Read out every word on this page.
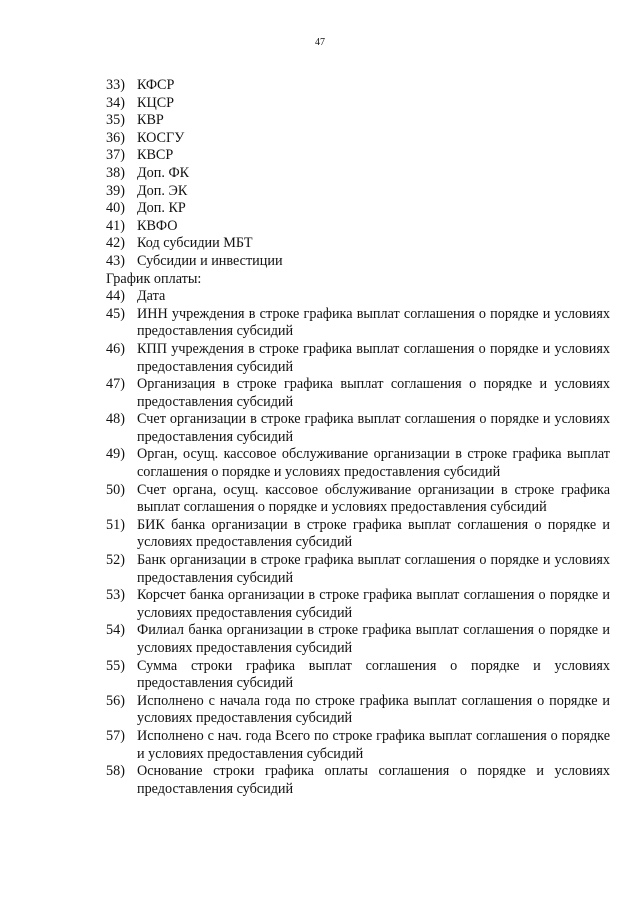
47
33) КФСР
34) КЦСР
35) КВР
36) КОСГУ
37) КВСР
38) Доп. ФК
39) Доп. ЭК
40) Доп. КР
41) КВФО
42) Код субсидии МБТ
43) Субсидии и инвестиции
График оплаты:
44) Дата
45) ИНН учреждения в строке графика выплат соглашения о порядке и условиях предоставления субсидий
46) КПП учреждения в строке графика выплат соглашения о порядке и условиях предоставления субсидий
47) Организация в строке графика выплат соглашения о порядке и условиях предоставления субсидий
48) Счет организации в строке графика выплат соглашения о порядке и условиях предоставления субсидий
49) Орган, осущ. кассовое обслуживание организации в строке графика выплат соглашения о порядке и условиях предоставления субсидий
50) Счет органа, осущ. кассовое обслуживание организации в строке графика выплат соглашения о порядке и условиях предоставления субсидий
51) БИК банка организации в строке графика выплат соглашения о порядке и условиях предоставления субсидий
52) Банк организации в строке графика выплат соглашения о порядке и условиях предоставления субсидий
53) Корсчет банка организации в строке графика выплат соглашения о порядке и условиях предоставления субсидий
54) Филиал банка организации в строке графика выплат соглашения о порядке и условиях предоставления субсидий
55) Сумма строки графика выплат соглашения о порядке и условиях предоставления субсидий
56) Исполнено с начала года по строке графика выплат соглашения о порядке и условиях предоставления субсидий
57) Исполнено с нач. года Всего по строке графика выплат соглашения о порядке и условиях предоставления субсидий
58) Основание строки графика оплаты соглашения о порядке и условиях предоставления субсидий
